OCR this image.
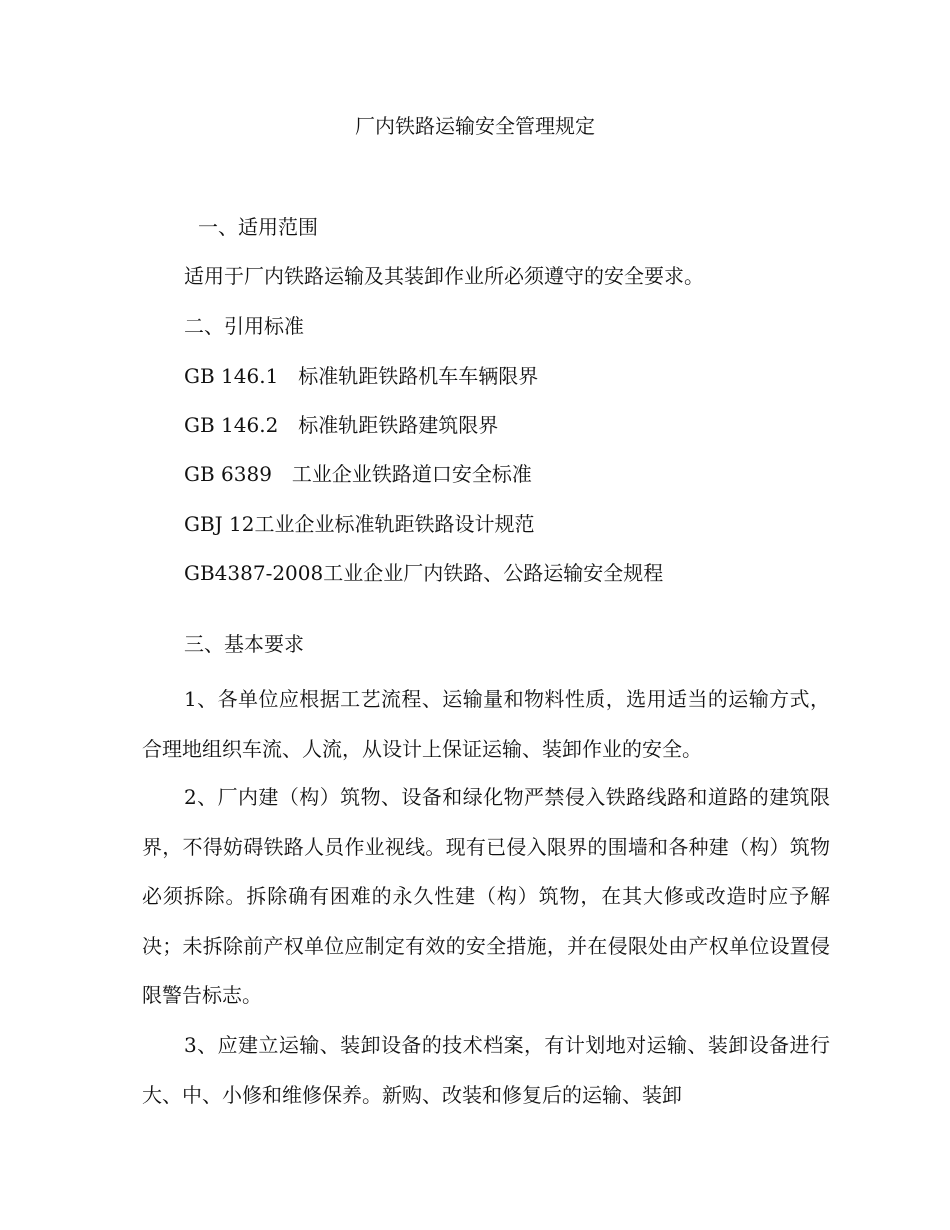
厂内铁路运输安全管理规定
一、适用范围
适用于厂内铁路运输及其装卸作业所必须遵守的安全要求。
二、引用标准
GB 146.1　标准轨距铁路机车车辆限界
GB 146.2　标准轨距铁路建筑限界
GB 6389　工业企业铁路道口安全标准
GBJ 12工业企业标准轨距铁路设计规范
GB4387-2008工业企业厂内铁路、公路运输安全规程
三、基本要求

1、各单位应根据工艺流程、运输量和物料性质，选用适当的运输方式，合理地组织车流、人流，从设计上保证运输、装卸作业的安全。

2、厂内建（构）筑物、设备和绿化物严禁侵入铁路线路和道路的建筑限界，不得妨碍铁路人员作业视线。现有已侵入限界的围墙和各种建（构）筑物必须拆除。拆除确有困难的永久性建（构）筑物，在其大修或改造时应予解决；未拆除前产权单位应制定有效的安全措施，并在侵限处由产权单位设置侵限警告标志。

3、应建立运输、装卸设备的技术档案，有计划地对运输、装卸设备进行大、中、小修和维修保养。新购、改装和修复后的运输、装卸
